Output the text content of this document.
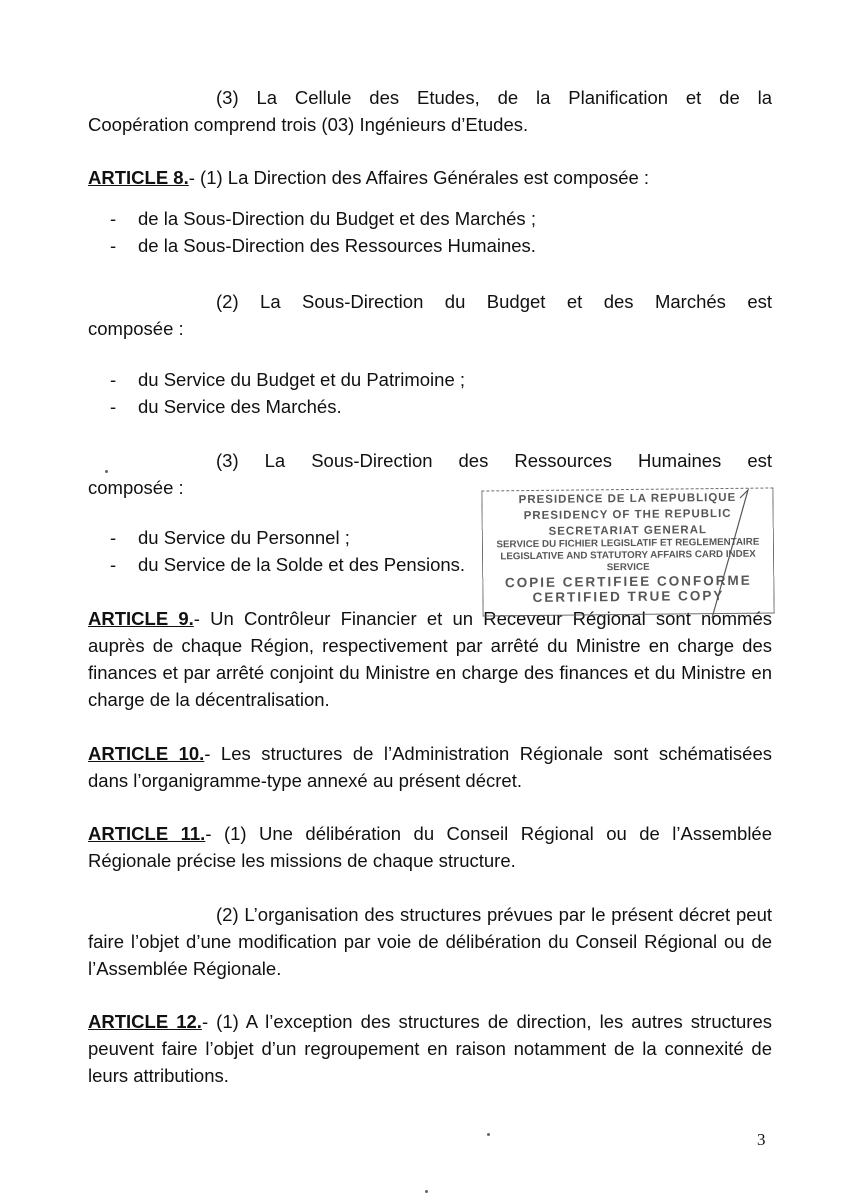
(3) La Cellule des Etudes, de la Planification et de la
Coopération comprend trois (03) Ingénieurs d’Etudes.

ARTICLE 8.- (1) La Direction des Affaires Générales est composée :

- de la Sous-Direction du Budget et des Marchés ;
- de la Sous-Direction des Ressources Humaines.

(2) La Sous-Direction du Budget et des Marchés est
composée :

- du Service du Budget et du Patrimoine ;
- du Service des Marchés.

(3) La Sous-Direction des Ressources Humaines est
composée :

- du Service du Personnel ;
- du Service de la Solde et des Pensions.

ARTICLE 9.- Un Contrôleur Financier et un Receveur Régional sont nommés auprès de chaque Région, respectivement par arrêté du Ministre en charge des finances et par arrêté conjoint du Ministre en charge des finances et du Ministre en charge de la décentralisation.

ARTICLE 10.- Les structures de l’Administration Régionale sont schématisées dans l’organigramme-type annexé au présent décret.

ARTICLE 11.- (1) Une délibération du Conseil Régional ou de l’Assemblée Régionale précise les missions de chaque structure.

(2) L’organisation des structures prévues par le présent décret peut faire l’objet d’une modification par voie de délibération du Conseil Régional ou de l’Assemblée Régionale.

ARTICLE 12.- (1) A l’exception des structures de direction, les autres structures peuvent faire l’objet d’un regroupement en raison notamment de la connexité de leurs attributions.

PRESIDENCE DE LA REPUBLIQUE
PRESIDENCY OF THE REPUBLIC
SECRETARIAT GENERAL
SERVICE DU FICHIER LEGISLATIF ET REGLEMENTAIRE
LEGISLATIVE AND STATUTORY AFFAIRS CARD INDEX SERVICE
COPIE CERTIFIEE CONFORME
CERTIFIED TRUE COPY
3
